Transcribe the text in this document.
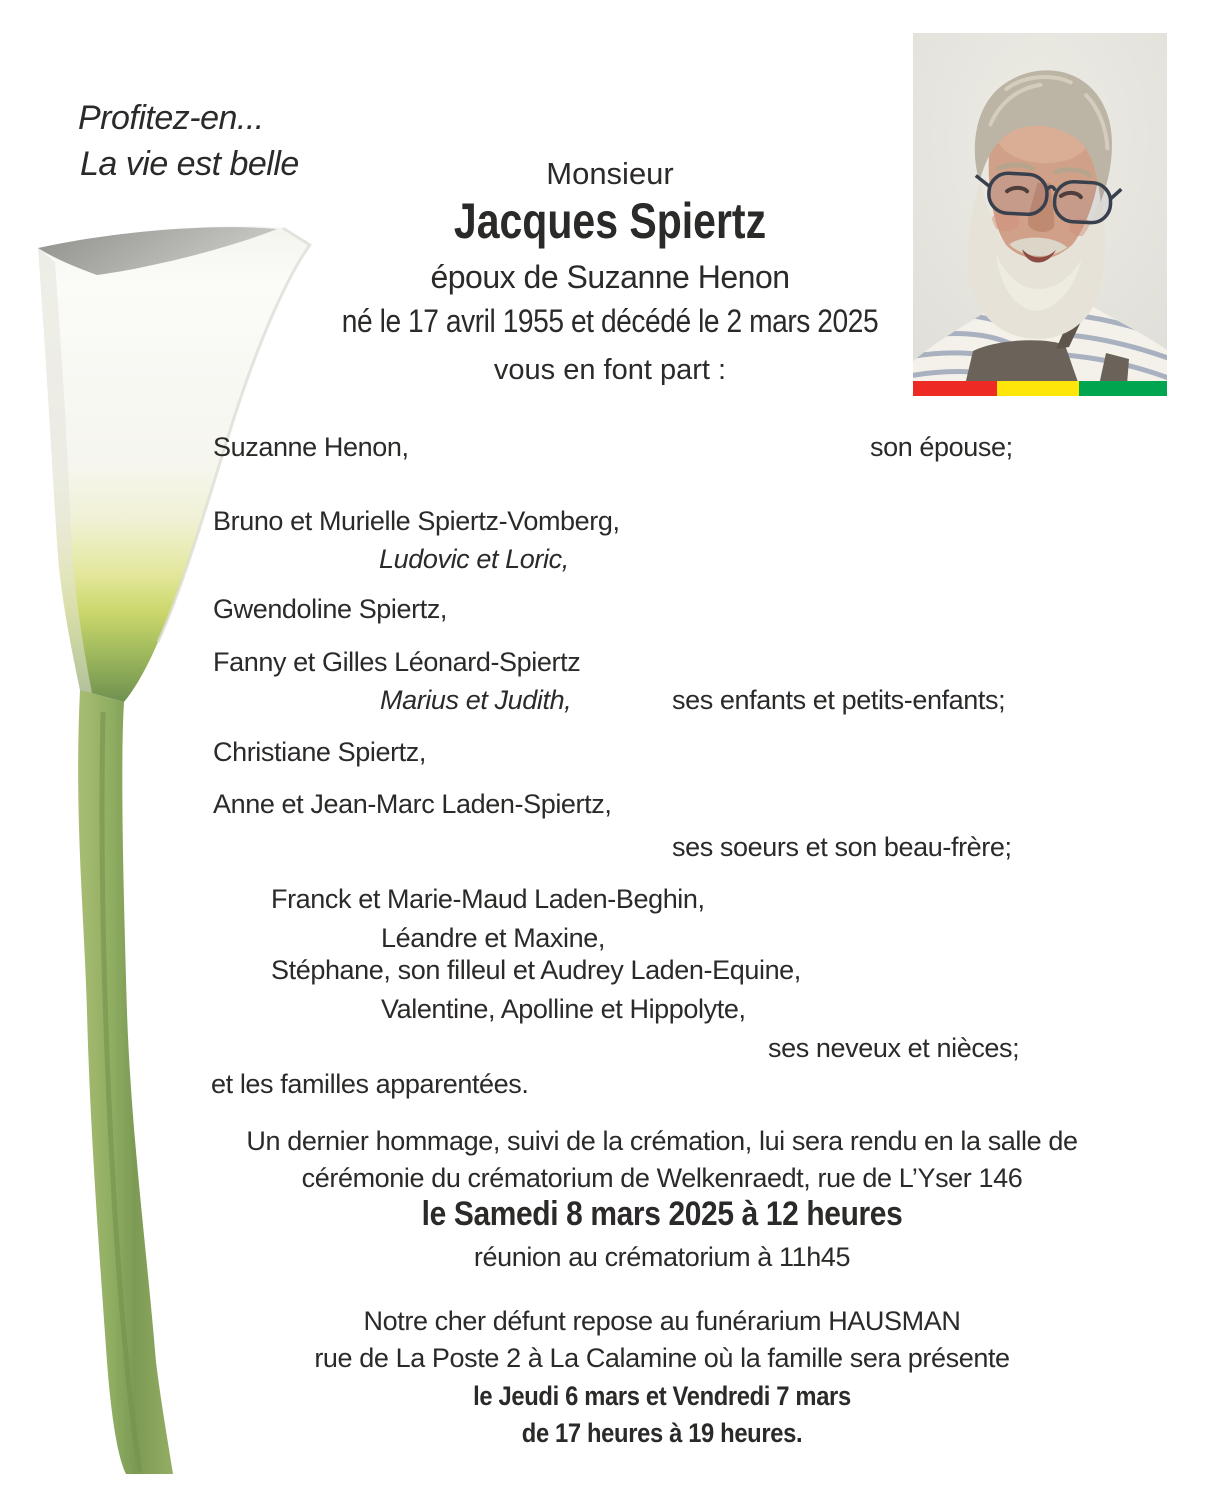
Profitez-en...
La vie est belle	Monsieur
Jacques Spiertz
époux de Suzanne Henon
né le 17 avril 1955 et décédé le 2 mars 2025
vous en font part :
Suzanne Henon,	son épouse;
Bruno et Murielle Spiertz-Vomberg,
Ludovic et Loric,
Gwendoline Spiertz,
Fanny et Gilles Léonard-Spiertz
Marius et Judith,	ses enfants et petits-enfants;
Christiane Spiertz,
Anne et Jean-Marc Laden-Spiertz,
ses soeurs et son beau-frère;
Franck et Marie-Maud Laden-Beghin,
Léandre et Maxine,
Stéphane, son filleul et Audrey Laden-Equine,
Valentine, Apolline et Hippolyte,
ses neveux et nièces;
et les familles apparentées.
Un dernier hommage, suivi de la crémation, lui sera rendu en la salle de
cérémonie du crématorium de Welkenraedt, rue de L’Yser 146
le Samedi 8 mars 2025 à 12 heures
réunion au crématorium à 11h45
Notre cher défunt repose au funérarium HAUSMAN
rue de La Poste 2 à La Calamine où la famille sera présente
le Jeudi 6 mars et Vendredi 7 mars
de 17 heures à 19 heures.
